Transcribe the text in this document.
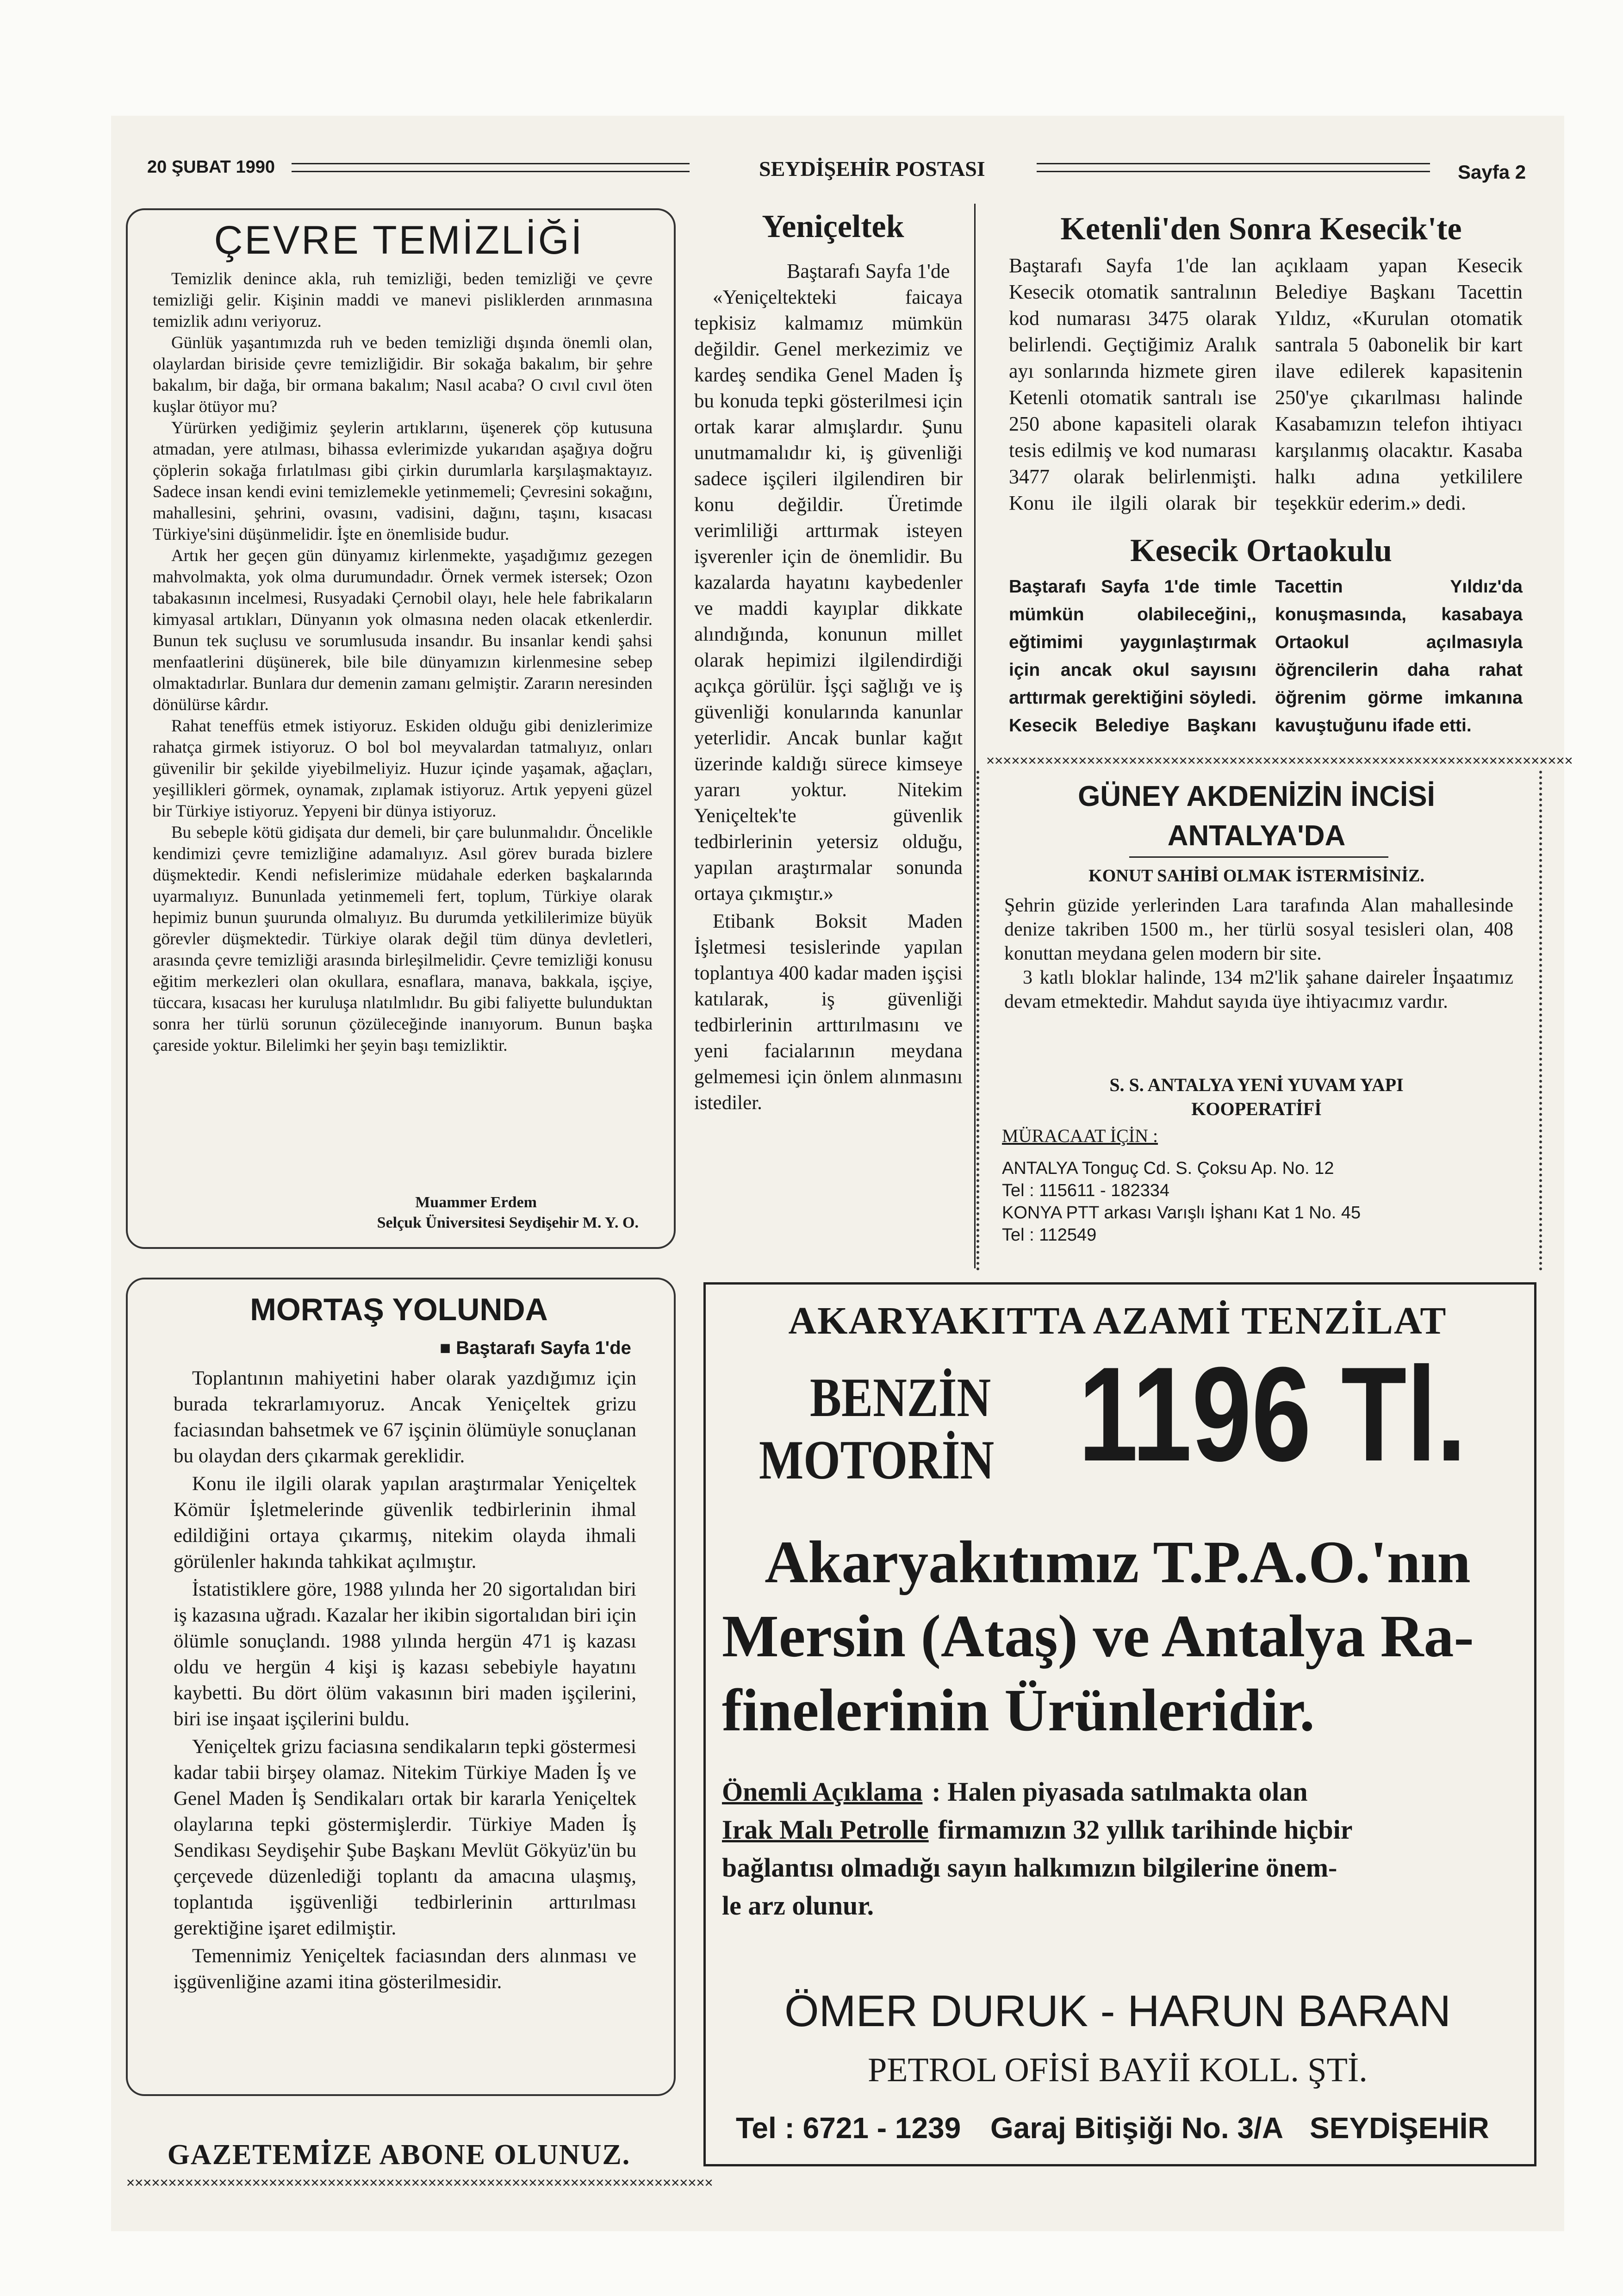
20 ŞUBAT 1990	SEYDİŞEHİR POSTASI	Sayfa 2
ÇEVRE TEMİZLİĞİ

Temizlik denince akla, ruh temizliği, beden temizliği ve çevre temizliği gelir. Kişinin maddi ve manevi pisliklerden arınmasına temizlik adını veriyoruz.

Günlük yaşantımızda ruh ve beden temizliği dışında önemli olan, olaylardan biriside çevre temizliğidir. Bir sokağa bakalım, bir şehre bakalım, bir dağa, bir ormana bakalım; Nasıl acaba? O cıvıl cıvıl öten kuşlar ötüyor mu?

Yürürken yediğimiz şeylerin artıklarını, üşenerek çöp kutusuna atmadan, yere atılması, bihassa evlerimizde yukarıdan aşağıya doğru çöplerin sokağa fırlatılması gibi çirkin durumlarla karşılaşmaktayız. Sadece insan kendi evini temizlemekle yetinmemeli; Çevresini sokağını, mahallesini, şehrini, ovasını, vadisini, dağını, taşını, kısacası Türkiye'sini düşünmelidir. İşte en önemliside budur.

Artık her geçen gün dünyamız kirlenmekte, yaşadığımız gezegen mahvolmakta, yok olma durumundadır. Örnek vermek istersek; Ozon tabakasının incelmesi, Rusyadaki Çernobil olayı, hele hele fabrikaların kimyasal artıkları, Dünyanın yok olmasına neden olacak etkenlerdir. Bunun tek suçlusu ve sorumlusuda insandır. Bu insanlar kendi şahsi menfaatlerini düşünerek, bile bile dünyamızın kirlenmesine sebep olmaktadırlar. Bunlara dur demenin zamanı gelmiştir. Zararın neresinden dönülürse kârdır.

Rahat teneffüs etmek istiyoruz. Eskiden olduğu gibi denizlerimize rahatça girmek istiyoruz. O bol bol meyvalardan tatmalıyız, onları güvenilir bir şekilde yiyebilmeliyiz. Huzur içinde yaşamak, ağaçları, yeşillikleri görmek, oynamak, zıplamak istiyoruz. Artık yepyeni güzel bir Türkiye istiyoruz. Yepyeni bir dünya istiyoruz.

Bu sebeple kötü gidişata dur demeli, bir çare bulunmalıdır. Öncelikle kendimizi çevre temizliğine adamalıyız. Asıl görev burada bizlere düşmektedir. Kendi nefislerimize müdahale ederken başkalarında uyarmalıyız. Bununlada yetinmemeli fert, toplum, Türkiye olarak hepimiz bunun şuurunda olmalıyız. Bu durumda yetkililerimize büyük görevler düşmektedir. Türkiye olarak değil tüm dünya devletleri, arasında çevre temizliği arasında birleşilmelidir. Çevre temizliği konusu eğitim merkezleri olan okullara, esnaflara, manava, bakkala, işçiye, tüccara, kısacası her kuruluşa nlatılmlıdır. Bu gibi faliyette bulunduktan sonra her türlü sorunun çözüleceğinde inanıyorum. Bunun başka çareside yoktur. Bilelimki her şeyin başı temizliktir.

Muammer Erdem
Selçuk Üniversitesi Seydişehir M. Y. O.
MORTAŞ YOLUNDA
■ Baştarafı Sayfa 1'de

Toplantının mahiyetini haber olarak yazdığımız için burada tekrarlamıyoruz. Ancak Yeniçeltek grizu faciasından bahsetmek ve 67 işçinin ölümüyle sonuçlanan bu olaydan ders çıkarmak gereklidir.

Konu ile ilgili olarak yapılan araştırmalar Yeniçeltek Kömür İşletmelerinde güvenlik tedbirlerinin ihmal edildiğini ortaya çıkarmış, nitekim olayda ihmali görülenler hakında tahkikat açılmıştır.

İstatistiklere göre, 1988 yılında her 20 sigortalıdan biri iş kazasına uğradı. Kazalar her ikibin sigortalıdan biri için ölümle sonuçlandı. 1988 yılında hergün 471 iş kazası oldu ve hergün 4 kişi iş kazası sebebiyle hayatını kaybetti. Bu dört ölüm vakasının biri maden işçilerini, biri ise inşaat işçilerini buldu.

Yeniçeltek grizu faciasına sendikaların tepki göstermesi kadar tabii birşey olamaz. Nitekim Türkiye Maden İş ve Genel Maden İş Sendikaları ortak bir kararla Yeniçeltek olaylarına tepki göstermişlerdir. Türkiye Maden İş Sendikası Seydişehir Şube Başkanı Mevlüt Gökyüz'ün bu çerçevede düzenlediği toplantı da amacına ulaşmış, toplantıda işgüvenliği tedbirlerinin arttırılması gerektiğine işaret edilmiştir.

Temennimiz Yeniçeltek faciasından ders alınması ve işgüvenliğine azami itina gösterilmesidir.

GAZETEMİZE ABONE OLUNUZ.
✕✕✕✕✕✕✕✕✕✕✕✕✕✕✕✕✕✕✕✕✕✕✕✕✕✕✕✕✕✕✕✕✕✕✕✕✕✕✕✕✕✕✕✕✕✕✕✕✕✕✕✕✕✕✕✕✕✕✕✕✕✕✕✕✕✕✕✕✕✕
Yeniçeltek
Baştarafı Sayfa 1'de

«Yeniçeltekteki faicaya tepkisiz kalmamız mümkün değildir. Genel merkezimiz ve kardeş sendika Genel Maden İş bu konuda tepki gösterilmesi için ortak karar almışlardır. Şunu unutmamalıdır ki, iş güvenliği sadece işçileri ilgilendiren bir konu değildir. Üretimde verimliliği arttırmak isteyen işverenler için de önemlidir. Bu kazalarda hayatını kaybedenler ve maddi kayıplar dikkate alındığında, konunun millet olarak hepimizi ilgilendirdiği açıkça görülür. İşçi sağlığı ve iş güvenliği konularında kanunlar yeterlidir. Ancak bunlar kağıt üzerinde kaldığı sürece kimseye yararı yoktur. Nitekim Yeniçeltek'te güvenlik tedbirlerinin yetersiz olduğu, yapılan araştırmalar sonunda ortaya çıkmıştır.»

Etibank Boksit Maden İşletmesi tesislerinde yapılan toplantıya 400 kadar maden işçisi katılarak, iş güvenliği tedbirlerinin arttırılmasını ve yeni facialarının meydana gelmemesi için önlem alınmasını istediler.

Ketenli'den Sonra Kesecik'te
Baştarafı Sayfa 1'de lan Kesecik otomatik santralının kod numarası 3475 olarak belirlendi. Geçtiğimiz Aralık ayı sonlarında hizmete giren Ketenli otomatik santralı ise 250 abone kapasiteli olarak tesis edilmiş ve kod numarası 3477 olarak belirlenmişti. Konu ile ilgili olarak bir açıklaam yapan Kesecik Belediye Başkanı Tacettin Yıldız, «Kurulan otomatik santrala 5 0abonelik bir kart ilave edilerek kapasitenin 250'ye çıkarılması halinde Kasabamızın telefon ihtiyacı karşılanmış olacaktır. Kasaba halkı adına yetkililere teşekkür ederim.» dedi.
Kesecik Ortaokulu
Baştarafı Sayfa 1'de timle mümkün olabileceğini,, eğtimimi yaygınlaştırmak için ancak okul sayısını arttırmak gerektiğini söyledi. Kesecik Belediye Başkanı Tacettin Yıldız'da konuşmasında, kasabaya Ortaokul açılmasıyla öğrencilerin daha rahat öğrenim görme imkanına kavuştuğunu ifade etti.
✕✕✕✕✕✕✕✕✕✕✕✕✕✕✕✕✕✕✕✕✕✕✕✕✕✕✕✕✕✕✕✕✕✕✕✕✕✕✕✕✕✕✕✕✕✕✕✕✕✕✕✕✕✕✕✕✕✕✕✕✕✕✕✕✕✕✕✕✕✕
GÜNEY AKDENİZİN İNCİSİ
ANTALYA'DA
KONUT SAHİBİ OLMAK İSTERMİSİNİZ.
Şehrin güzide yerlerinden Lara tarafında Alan mahallesinde denize takriben 1500 m., her türlü sosyal tesisleri olan, 408 konuttan meydana gelen modern bir site.
3 katlı bloklar halinde, 134 m2'lik şahane daireler İnşaatımız devam etmektedir. Mahdut sayıda üye ihtiyacımız vardır.
S. S. ANTALYA YENİ YUVAM YAPI
KOOPERATİFİ
MÜRACAAT İÇİN :
ANTALYA Tonguç Cd. S. Çoksu Ap. No. 12
Tel : 115611 - 182334
KONYA PTT arkası Varışlı İşhanı Kat 1 No. 45
Tel : 112549
AKARYAKITTA AZAMİ TENZİLAT
BENZİN
MOTORİN 1196 Tl.
Akaryakıtımız T.P.A.O.'nın
Mersin (Ataş) ve Antalya Ra-
finelerinin Ürünleridir.
Önemli Açıklama : Halen piyasada satılmakta olan
Irak Malı Petrolle firmamızın 32 yıllık tarihinde hiçbir
bağlantısı olmadığı sayın halkımızın bilgilerine önem-
le arz olunur.
ÖMER DURUK - HARUN BARAN
PETROL OFİSİ BAYİİ KOLL. ŞTİ.
Tel : 6721 - 1239 Garaj Bitişiği No. 3/A SEYDİŞEHİR
